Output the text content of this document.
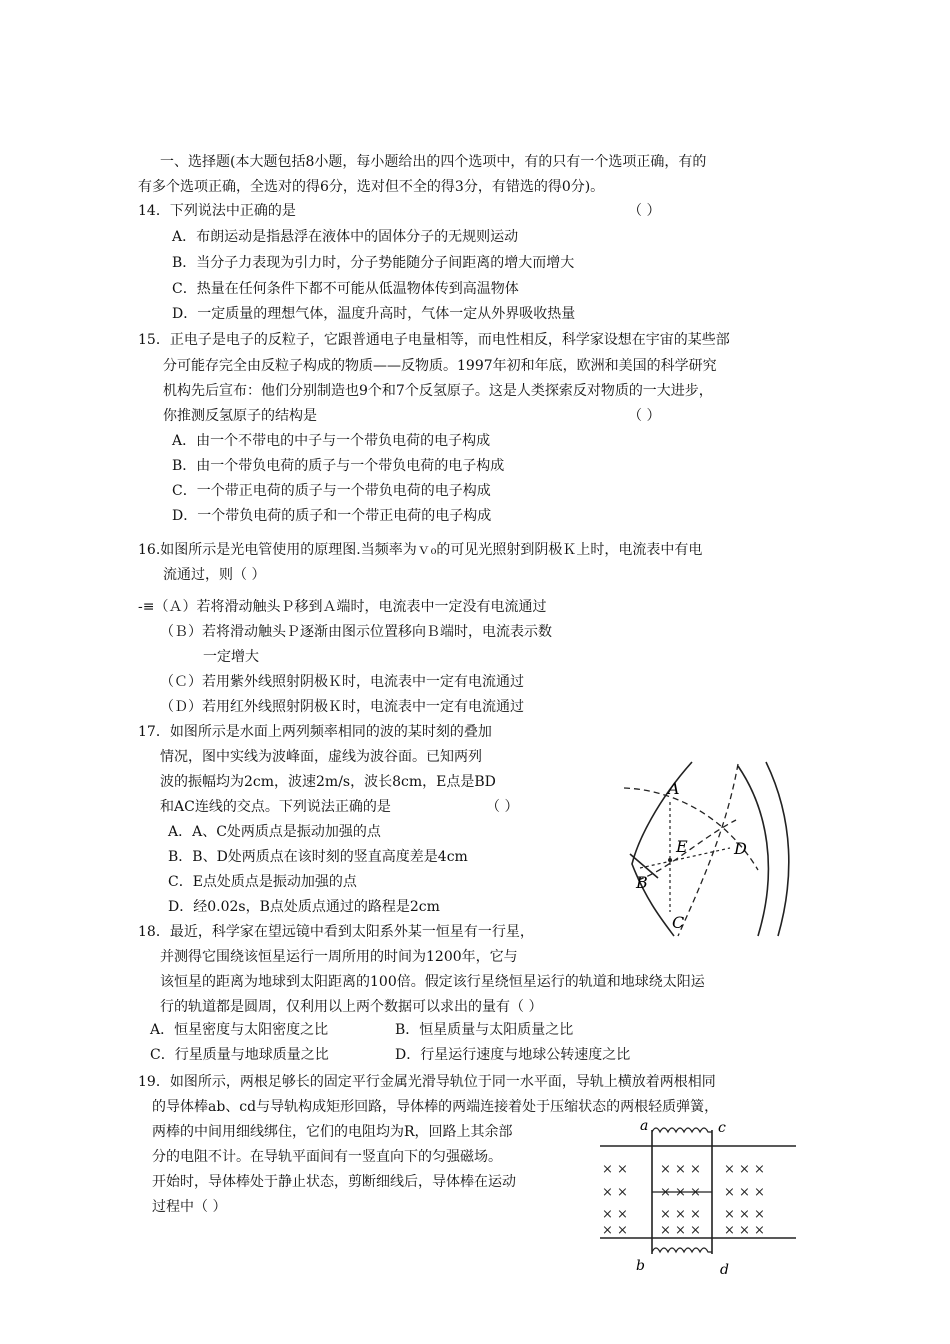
一、选择题(本大题包括8小题，每小题给出的四个选项中，有的只有一个选项正确，有的
有多个选项正确，全选对的得6分，选对但不全的得3分，有错选的得0分)。
14．下列说法中正确的是	（ ）
A．布朗运动是指悬浮在液体中的固体分子的无规则运动
B．当分子力表现为引力时，分子势能随分子间距离的增大而增大
C．热量在任何条件下都不可能从低温物体传到高温物体
D．一定质量的理想气体，温度升高时，气体一定从外界吸收热量
15．正电子是电子的反粒子，它跟普通电子电量相等，而电性相反，科学家设想在宇宙的某些部
分可能存完全由反粒子构成的物质——反物质。1997年初和年底，欧洲和美国的科学研究
机构先后宣布：他们分别制造也9个和7个反氢原子。这是人类探索反对物质的一大进步，
你推测反氢原子的结构是	（ ）
A．由一个不带电的中子与一个带负电荷的电子构成
B．由一个带负电荷的质子与一个带负电荷的电子构成
C．一个带正电荷的质子与一个带负电荷的电子构成
D．一个带负电荷的质子和一个带正电荷的电子构成
16.如图所示是光电管使用的原理图.当频率为ｖ₀的可见光照射到阴极Ｋ上时，电流表中有电
流通过，则（ ）
-≡（Ａ）若将滑动触头Ｐ移到Ａ端时，电流表中一定没有电流通过
（Ｂ）若将滑动触头Ｐ逐渐由图示位置移向Ｂ端时，电流表示数
一定增大
（Ｃ）若用紫外线照射阴极Ｋ时，电流表中一定有电流通过
（Ｄ）若用红外线照射阴极Ｋ时，电流表中一定有电流通过
17．如图所示是水面上两列频率相同的波的某时刻的叠加
情况，图中实线为波峰面，虚线为波谷面。已知两列
波的振幅均为2cm，波速2m/s，波长8cm，E点是BD
和AC连线的交点。下列说法正确的是	（ ）
A．A、C处两质点是振动加强的点
B．B、D处两质点在该时刻的竖直高度差是4cm
C．E点处质点是振动加强的点
D．经0.02s，B点处质点通过的路程是2cm
A
B
C
D
E
18．最近，科学家在望远镜中看到太阳系外某一恒星有一行星，
并测得它围绕该恒星运行一周所用的时间为1200年，它与
该恒星的距离为地球到太阳距离的100倍。假定该行星绕恒星运行的轨道和地球绕太阳运
行的轨道都是圆周，仅利用以上两个数据可以求出的量有（ ）
A．恒星密度与太阳密度之比	B．恒星质量与太阳质量之比
C．行星质量与地球质量之比	D．行星运行速度与地球公转速度之比
19．如图所示，两根足够长的固定平行金属光滑导轨位于同一水平面，导轨上横放着两根相同
的导体棒ab、cd与导轨构成矩形回路，导体棒的两端连接着处于压缩状态的两根轻质弹簧，
两棒的中间用细线绑住，它们的电阻均为R，回路上其余部
分的电阻不计。在导轨平面间有一竖直向下的匀强磁场。
开始时，导体棒处于静止状态，剪断细线后，导体棒在运动
过程中（ ）
× × × × × × × ×
× × × × × × × ×
× × × × × × × ×
× × × × × × × ×
a	c
b	d
